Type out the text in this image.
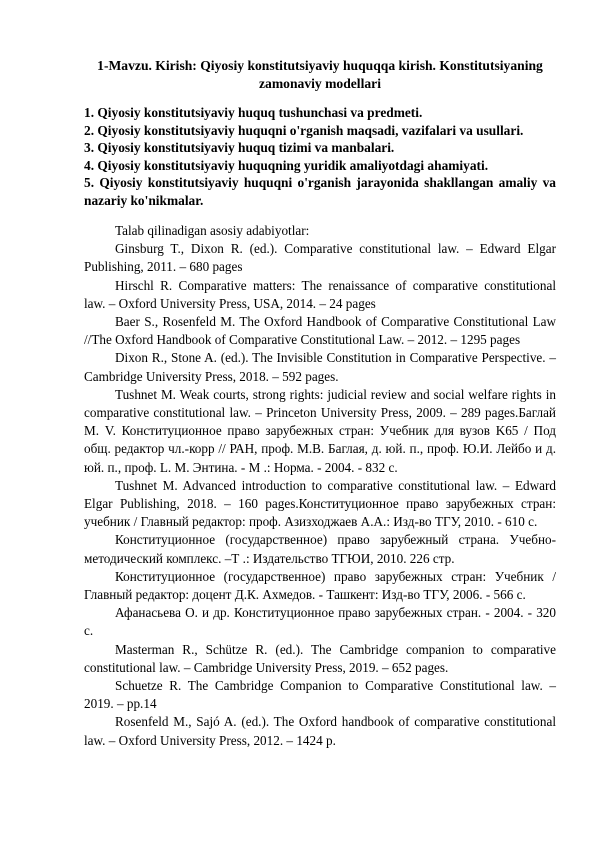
1-Mavzu. Kirish: Qiyosiy konstitutsiyaviy huquqqa kirish. Konstitutsiyaning zamonaviy modellari

1. Qiyosiy konstitutsiyaviy huquq tushunchasi va predmeti.

2. Qiyosiy konstitutsiyaviy huquqni o'rganish maqsadi, vazifalari va usullari.

3. Qiyosiy konstitutsiyaviy huquq tizimi va manbalari.

4. Qiyosiy konstitutsiyaviy huquqning yuridik amaliyotdagi ahamiyati.

5. Qiyosiy konstitutsiyaviy huquqni o'rganish jarayonida shakllangan amaliy va nazariy ko'nikmalar.

Talab qilinadigan asosiy adabiyotlar:

Ginsburg T., Dixon R. (ed.). Comparative constitutional law. – Edward Elgar Publishing, 2011. – 680 pages

Hirschl R. Comparative matters: The renaissance of comparative constitutional law. – Oxford University Press, USA, 2014. – 24 pages

Baer S., Rosenfeld M. The Oxford Handbook of Comparative Constitutional Law //The Oxford Handbook of Comparative Constitutional Law. – 2012. – 1295 pages

Dixon R., Stone A. (ed.). The Invisible Constitution in Comparative Perspective. – Cambridge University Press, 2018. – 592 pages.

Tushnet M. Weak courts, strong rights: judicial review and social welfare rights in comparative constitutional law. – Princeton University Press, 2009. – 289 pages.Баглай М. V. Конституционное право зарубежных стран: Учебник для вузов K65 / Под общ. редактор чл.-корр // РАН, проф. М.В. Баглая, д. юй. п., проф. Ю.И. Лейбо и д. юй. п., проф. L. М. Энтина. - М .: Норма. - 2004. - 832 с.

Tushnet M. Advanced introduction to comparative constitutional law. – Edward Elgar Publishing, 2018. – 160 pages.Конституционное право зарубежных стран: учебник / Главный редактор: проф. Азизходжаев А.А.: Изд-во ТГУ, 2010. - 610 с.

Конституционное (государственное) право зарубежный страна. Учебно-методический комплекс. –Т .: Издательство ТГЮИ, 2010. 226 стр.

Конституционное (государственное) право зарубежных стран: Учебник / Главный редактор: доцент Д.К. Ахмедов. - Ташкент: Изд-во ТГУ, 2006. - 566 с.

Афанасьева О. и др. Конституционное право зарубежных стран. - 2004. - 320 с.

Masterman R., Schütze R. (ed.). The Cambridge companion to comparative constitutional law. – Cambridge University Press, 2019. – 652 pages.

Schuetze R. The Cambridge Companion to Comparative Constitutional law. – 2019. – pp.14

Rosenfeld M., Sajó A. (ed.). The Oxford handbook of comparative constitutional law. – Oxford University Press, 2012. – 1424 p.
